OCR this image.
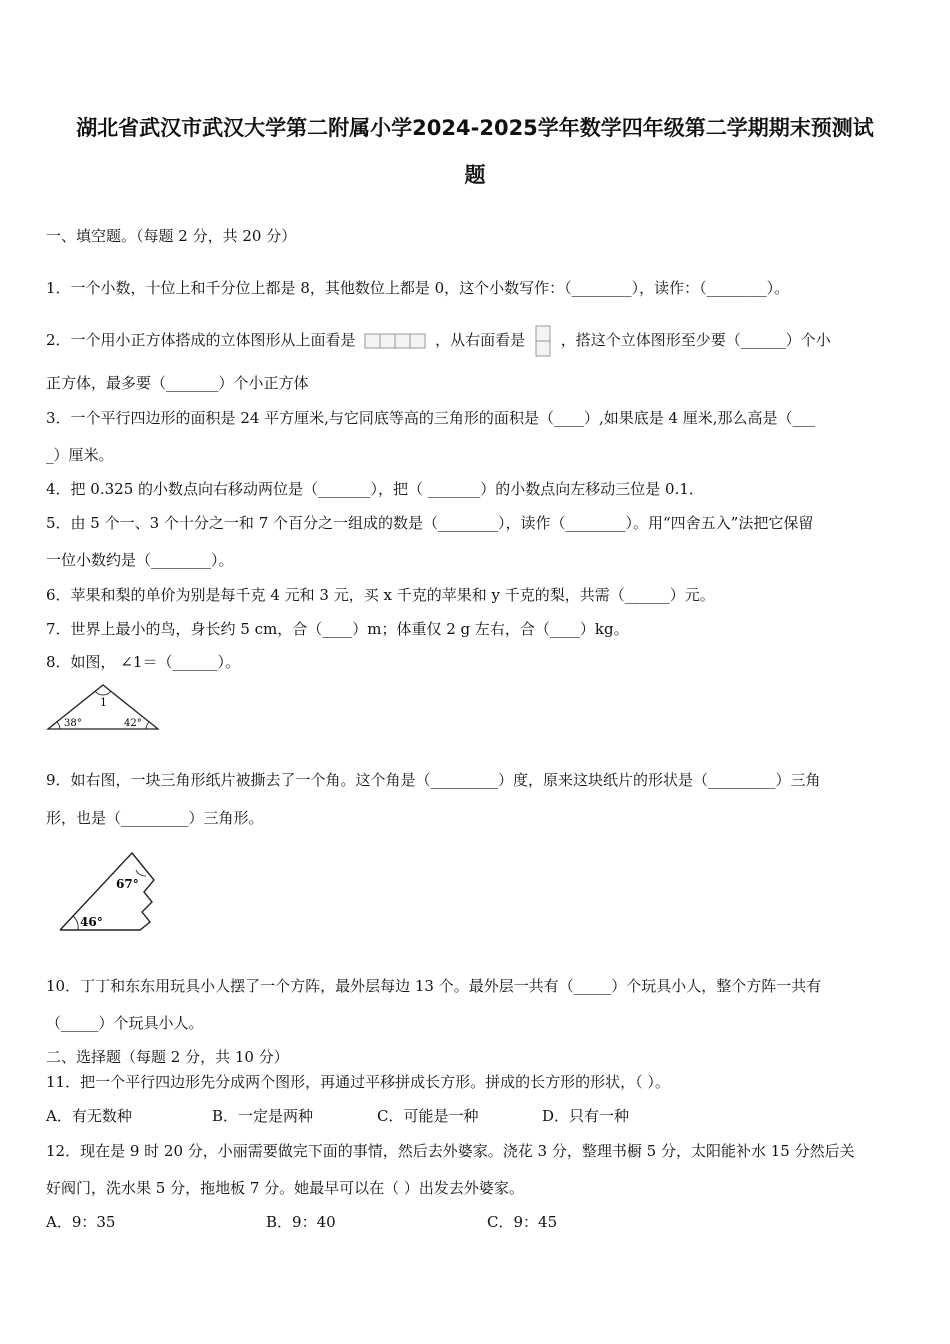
湖北省武汉市武汉大学第二附属小学2024-2025学年数学四年级第二学期期末预测试
题
一、填空题。（每题 2 分，共 20 分）
1．一个小数，十位上和千分位上都是 8，其他数位上都是 0，这个小数写作：（________），读作：（________）。
2．一个用小正方体搭成的立体图形从上面看是	，从右面看是 ，搭这个立体图形至少要（______）个小
正方体，最多要（_______）个小正方体
3．一个平行四边形的面积是 24 平方厘米,与它同底等高的三角形的面积是（____）,如果底是 4 厘米,那么高是（___
_）厘米。
4．把 0.325 的小数点向右移动两位是（_______），把（ _______）的小数点向左移动三位是 0.1．
5．由 5 个一、3 个十分之一和 7 个百分之一组成的数是（________），读作（________）。用“四舍五入”法把它保留
一位小数约是（________）。
6．苹果和梨的单价为别是每千克 4 元和 3 元，买 x 千克的苹果和 y 千克的梨，共需（______）元。
7．世界上最小的鸟，身长约 5 cm，合（____）m；体重仅 2 g 左右，合（____）kg。
8．如图， ∠1＝（______）。
1
38°	42°
9．如右图，一块三角形纸片被撕去了一个角。这个角是（_________）度，原来这块纸片的形状是（_________）三角
形，也是（_________）三角形。
67°
46°
10．丁丁和东东用玩具小人摆了一个方阵，最外层每边 13 个。最外层一共有（_____）个玩具小人，整个方阵一共有
（_____）个玩具小人。
二、选择题（每题 2 分，共 10 分）
11．把一个平行四边形先分成两个图形，再通过平移拼成长方形。拼成的长方形的形状，（ ）。
A．有无数种	B．一定是两种	C．可能是一种	D．只有一种
12．现在是 9 时 20 分，小丽需要做完下面的事情，然后去外婆家。浇花 3 分，整理书橱 5 分，太阳能补水 15 分然后关
好阀门，洗水果 5 分，拖地板 7 分。她最早可以在（ ）出发去外婆家。
A．9：35	B．9：40	C．9：45
